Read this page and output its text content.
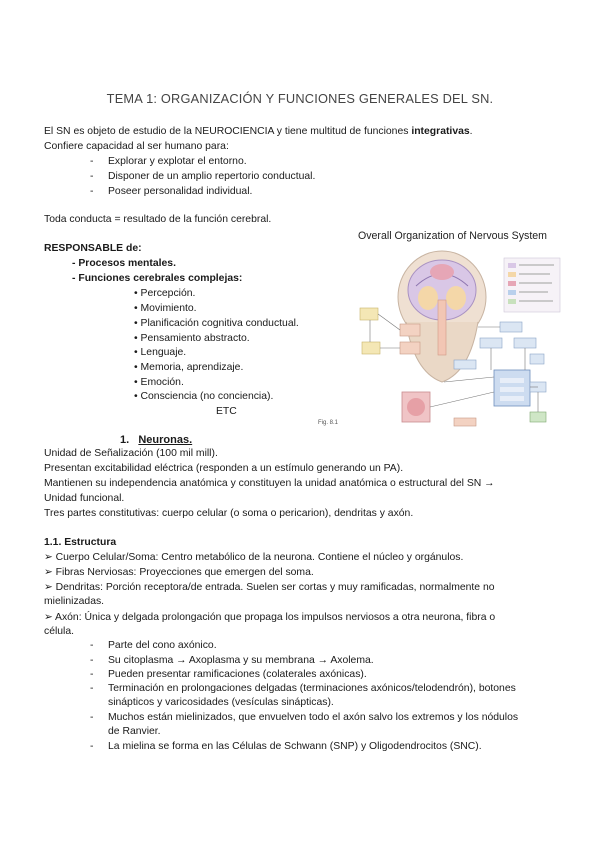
TEMA 1: ORGANIZACIÓN Y FUNCIONES GENERALES DEL SN.
El SN es objeto de estudio de la NEUROCIENCIA y tiene multitud de funciones integrativas.
Confiere capacidad al ser humano para:
- Explorar y explotar el entorno.
- Disponer de un amplio repertorio conductual.
- Poseer personalidad individual.
Toda conducta = resultado de la función cerebral.
RESPONSABLE de:
- Procesos mentales.
- Funciones cerebrales complejas:
• Percepción.
• Movimiento.
• Planificación cognitiva conductual.
• Pensamiento abstracto.
• Lenguaje.
• Memoria, aprendizaje.
• Emoción.
• Consciencia (no conciencia).
ETC
Overall Organization of Nervous System
Fig. 8.1
1. Neuronas.
Unidad de Señalización (100 mil mill).
Presentan excitabilidad eléctrica (responden a un estímulo generando un PA).
Mantienen su independencia anatómica y constituyen la unidad anatómica o estructural del SN →
Unidad funcional.
Tres partes constitutivas: cuerpo celular (o soma o pericarion), dendritas y axón.
1.1. Estructura
➢ Cuerpo Celular/Soma: Centro metabólico de la neurona. Contiene el núcleo y orgánulos.
➢ Fibras Nerviosas: Proyecciones que emergen del soma.
➢ Dendritas: Porción receptora/de entrada. Suelen ser cortas y muy ramificadas, normalmente no
mielinizadas.
➢ Axón: Única y delgada prolongación que propaga los impulsos nerviosos a otra neurona, fibra o
célula.
- Parte del cono axónico.
- Su citoplasma → Axoplasma y su membrana → Axolema.
- Pueden presentar ramificaciones (colaterales axónicas).
- Terminación en prolongaciones delgadas (terminaciones axónicos/telodendrón), botones
sinápticos y varicosidades (vesículas sinápticas).
- Muchos están mielinizados, que envuelven todo el axón salvo los extremos y los nódulos
de Ranvier.
- La mielina se forma en las Células de Schwann (SNP) y Oligodendrocitos (SNC).
